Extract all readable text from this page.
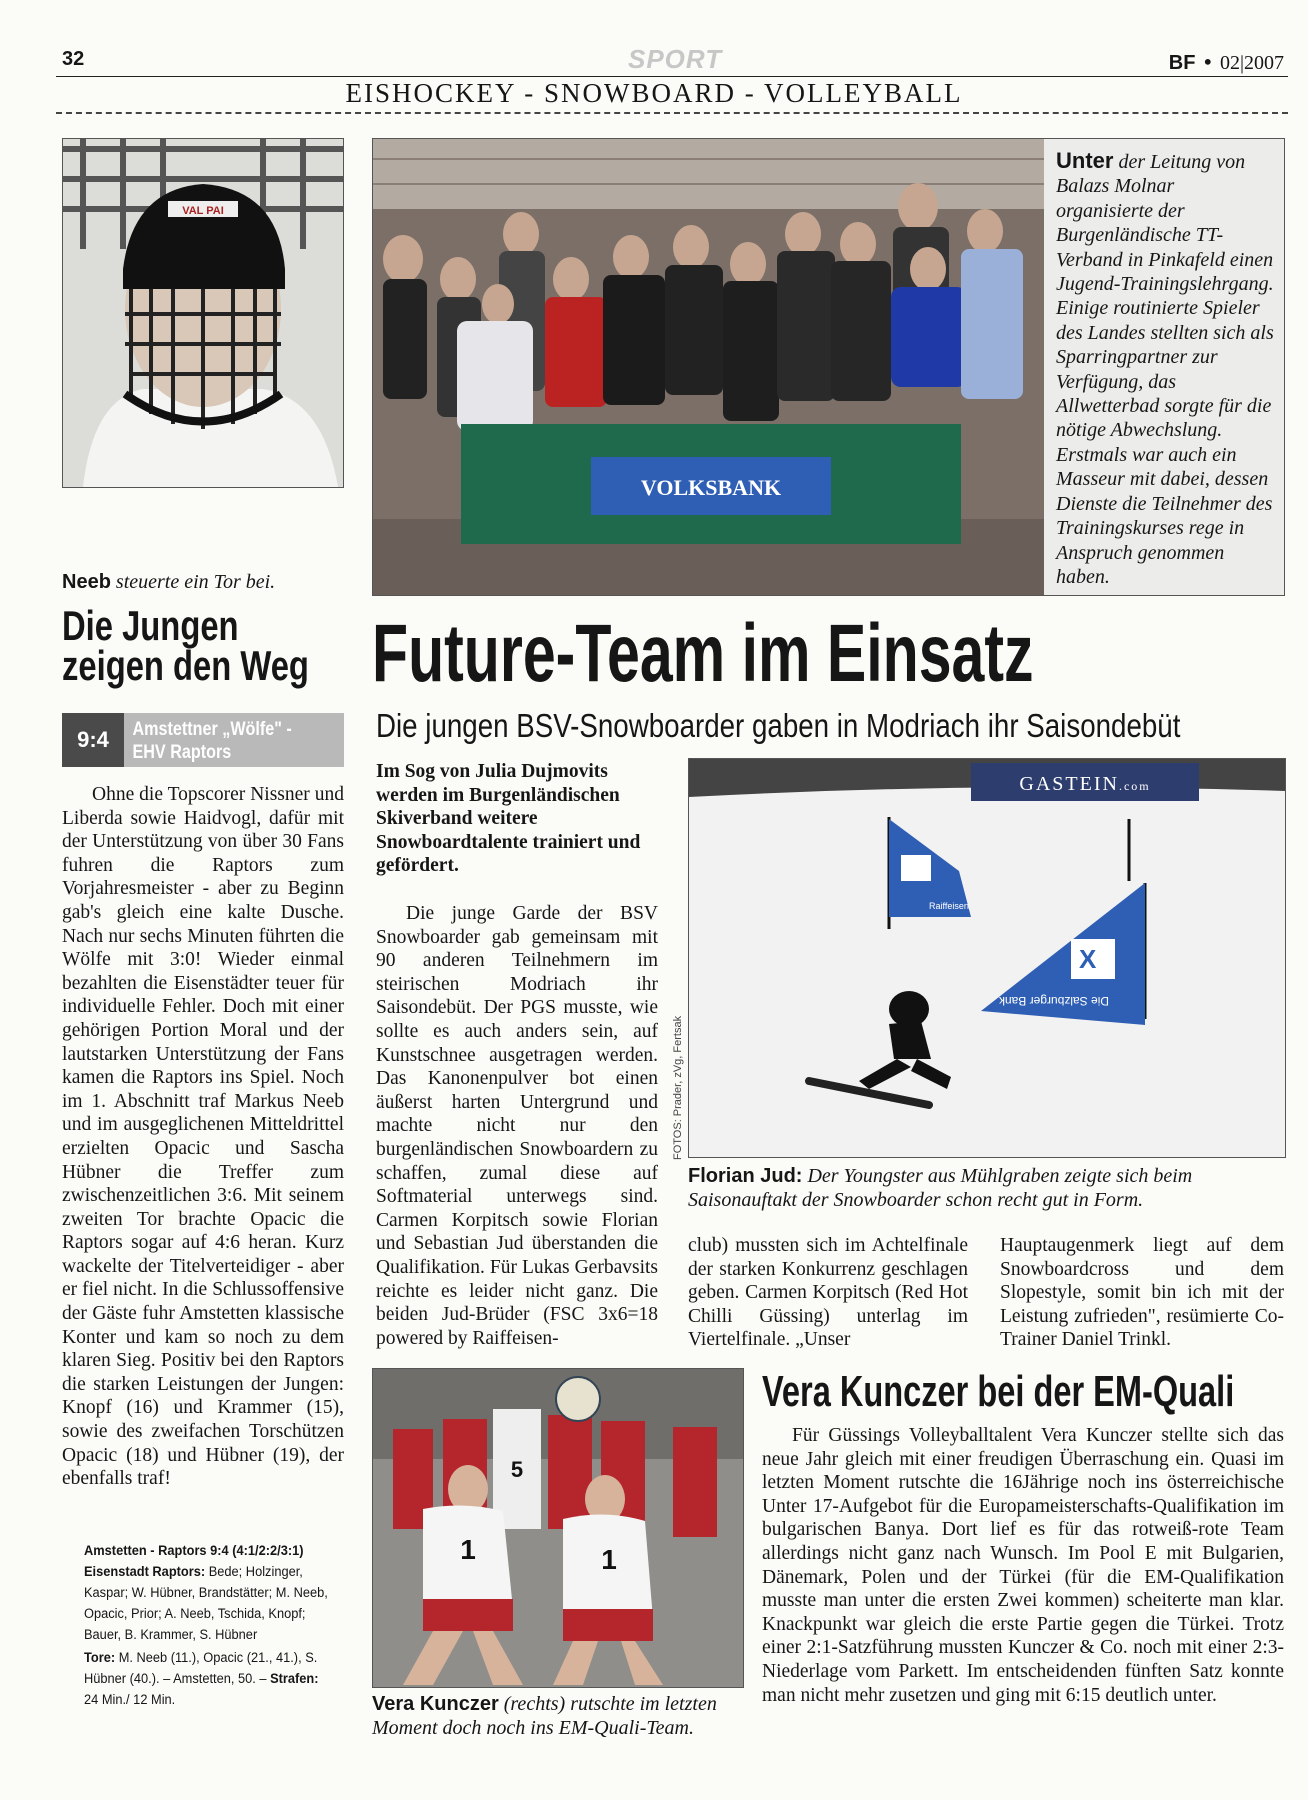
32	SPORT	BF • 02|2007
EISHOCKEY - SNOWBOARD - VOLLEYBALL
VAL PAI
Neeb steuerte ein Tor bei.
Die Jungen
zeigen den Weg
9:4	Amstettner „Wölfe" -
EHV Raptors

Ohne die Topscorer Nissner und Liberda sowie Haidvogl, dafür mit der Unterstützung von über 30 Fans fuhren die Raptors zum Vorjahresmeister - aber zu Beginn gab's gleich eine kalte Dusche. Nach nur sechs Minuten führten die Wölfe mit 3:0! Wieder einmal bezahlten die Eisenstädter teuer für individuelle Fehler. Doch mit einer gehörigen Portion Moral und der lautstarken Unterstützung der Fans kamen die Raptors ins Spiel. Noch im 1. Abschnitt traf Markus Neeb und im ausgeglichenen Mitteldrittel erzielten Opacic und Sascha Hübner die Treffer zum zwischenzeitlichen 3:6. Mit seinem zweiten Tor brachte Opacic die Raptors sogar auf 4:6 heran. Kurz wackelte der Titelverteidiger - aber er fiel nicht. In die Schlussoffensive der Gäste fuhr Amstetten klassische Konter und kam so noch zu dem klaren Sieg. Positiv bei den Raptors die starken Leistungen der Jungen: Knopf (16) und Krammer (15), sowie des zweifachen Torschützen Opacic (18) und Hübner (19), der ebenfalls traf!

Amstetten - Raptors 9:4 (4:1/2:2/3:1)
Eisenstadt Raptors: Bede; Holzinger, Kaspar; W. Hübner, Brandstätter; M. Neeb, Opacic, Prior; A. Neeb, Tschida, Knopf; Bauer, B. Krammer, S. Hübner
Tore: M. Neeb (11.), Opacic (21., 41.), S. Hübner (40.). – Amstetten, 50. – Strafen: 24 Min./ 12 Min.
VOLKSBANK

Unter der Leitung von Balazs Molnar organisierte der Burgenländische TT-Verband in Pinkafeld einen Jugend-Trainingslehrgang. Einige routinierte Spieler des Landes stellten sich als Sparringpartner zur Verfügung, das Allwetterbad sorgte für die nötige Abwechslung. Erstmals war auch ein Masseur mit dabei, dessen Dienste die Teilnehmer des Trainingskurses rege in Anspruch genommen haben.

Future-Team im Einsatz
Die jungen BSV-Snowboarder gaben in Modriach ihr Saisondebüt

Im Sog von Julia Dujmovits werden im Burgenländischen Skiverband weitere Snowboardtalente trainiert und gefördert.

Die junge Garde der BSV Snowboarder gab gemeinsam mit 90 anderen Teilnehmern im steirischen Modriach ihr Saisondebüt. Der PGS musste, wie sollte es auch anders sein, auf Kunstschnee ausgetragen werden. Das Kanonenpulver bot einen äußerst harten Untergrund und machte nicht nur den burgenländischen Snowboardern zu schaffen, zumal diese auf Softmaterial unterwegs sind. Carmen Korpitsch sowie Florian und Sebastian Jud überstanden die Qualifikation. Für Lukas Gerbavsits reichte es leider nicht ganz. Die beiden Jud-Brüder (FSC 3x6=18 powered by Raiffeisen-

FOTOS: Prader, zVg, Fertsak
GASTEIN.com
Raiffeisen
X
Die Salzburger Bank

Florian Jud: Der Youngster aus Mühlgraben zeigte sich beim Saisonauftakt der Snowboarder schon recht gut in Form.

club) mussten sich im Achtelfinale der starken Konkurrenz geschlagen geben. Carmen Korpitsch (Red Hot Chilli Güssing) unterlag im Viertelfinale. „Unser

Hauptaugenmerk liegt auf dem Snowboardcross und dem Slopestyle, somit bin ich mit der Leistung zufrieden", resümierte Co-Trainer Daniel Trinkl.

5
1	1

Vera Kunczer (rechts) rutschte im letzten Moment doch noch ins EM-Quali-Team.

Vera Kunczer bei der EM-Quali

Für Güssings Volleyballtalent Vera Kunczer stellte sich das neue Jahr gleich mit einer freudigen Überraschung ein. Quasi im letzten Moment rutschte die 16Jährige noch ins österreichische Unter 17-Aufgebot für die Europameisterschafts-Qualifikation im bulgarischen Banya. Dort lief es für das rotweiß-rote Team allerdings nicht ganz nach Wunsch. Im Pool E mit Bulgarien, Dänemark, Polen und der Türkei (für die EM-Qualifikation musste man unter die ersten Zwei kommen) scheiterte man klar. Knackpunkt war gleich die erste Partie gegen die Türkei. Trotz einer 2:1-Satzführung mussten Kunczer & Co. noch mit einer 2:3-Niederlage vom Parkett. Im entscheidenden fünften Satz konnte man nicht mehr zusetzen und ging mit 6:15 deutlich unter.
